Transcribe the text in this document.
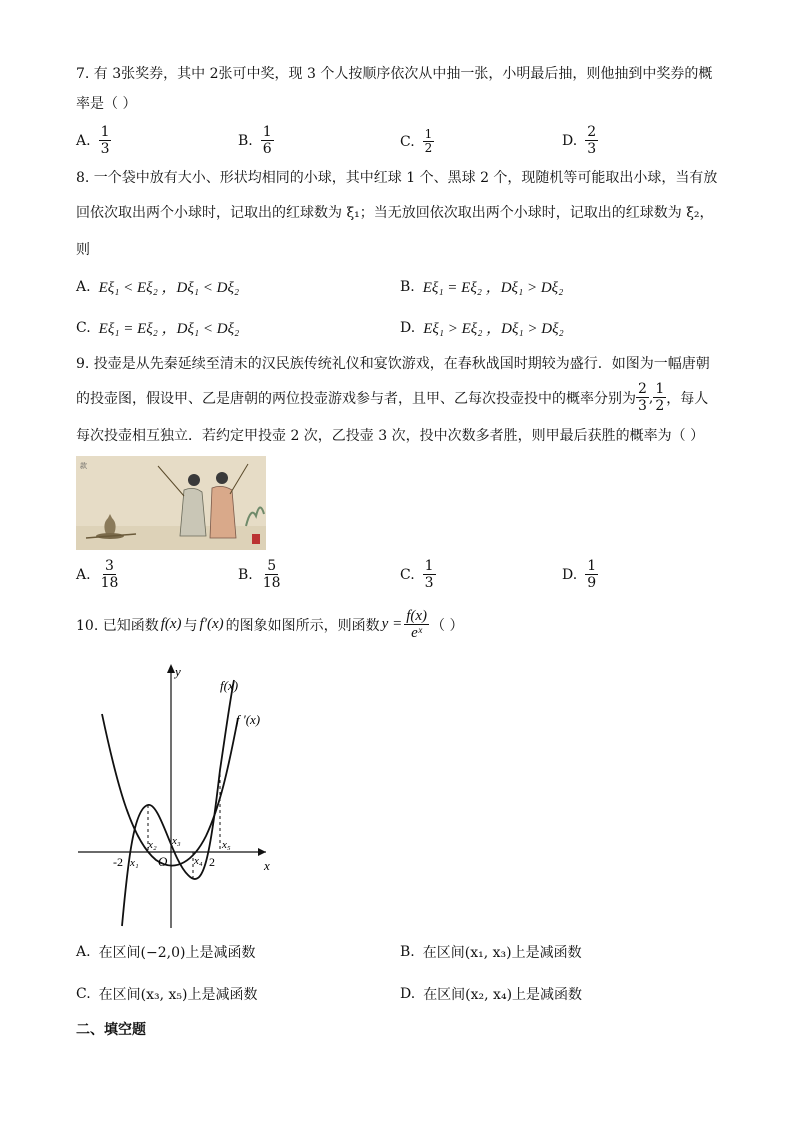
7. 有 3张奖券，其中 2张可中奖，现 3 个人按顺序依次从中抽一张，小明最后抽，则他抽到中奖券的概
率是（ ）
A. $\frac{1}{3}$	B. $\frac{1}{6}$	C. $\frac{1}{2}$	D. $\frac{2}{3}$
8. 一个袋中放有大小、形状均相同的小球，其中红球 1 个、黑球 2 个，现随机等可能取出小球，当有放
回依次取出两个小球时，记取出的红球数为 ξ₁；当无放回依次取出两个小球时，记取出的红球数为 ξ₂，
则
A. Eξ₁ < Eξ₂ ，Dξ₁ < Dξ₂	B. Eξ₁ = Eξ₂ ，Dξ₁ > Dξ₂
C. Eξ₁ = Eξ₂ ，Dξ₁ < Dξ₂	D. Eξ₁ > Eξ₂ ，Dξ₁ > Dξ₂
9. 投壶是从先秦延续至清末的汉民族传统礼仪和宴饮游戏，在春秋战国时期较为盛行．如图为一幅唐朝
的投壶图，假设甲、乙是唐朝的两位投壶游戏参与者，且甲、乙每次投壶投中的概率分别为 $\frac{2}{3}$ , $\frac{1}{2}$ ，每人
每次投壶相互独立．若约定甲投壶 2 次，乙投壶 3 次，投中次数多者胜，则甲最后获胜的概率为（ ）
款
A. $\frac{3}{18}$	B. $\frac{5}{18}$	C. $\frac{1}{3}$	D. $\frac{1}{9}$
10. 已知函数 f(x) 与 f′(x) 的图象如图所示，则函数 $y = \frac{f(x)}{\text{eˣ}}$ （ ）
y
x
f(x)
f ′(x)
O
-2	2
x₁
x₂ x₃
x₄
x₅
A. 在区间(−2,0)上是减函数	B. 在区间(x₁, x₃)上是减函数
C. 在区间(x₃, x₅)上是减函数	D. 在区间(x₂, x₄)上是减函数
二、填空题
